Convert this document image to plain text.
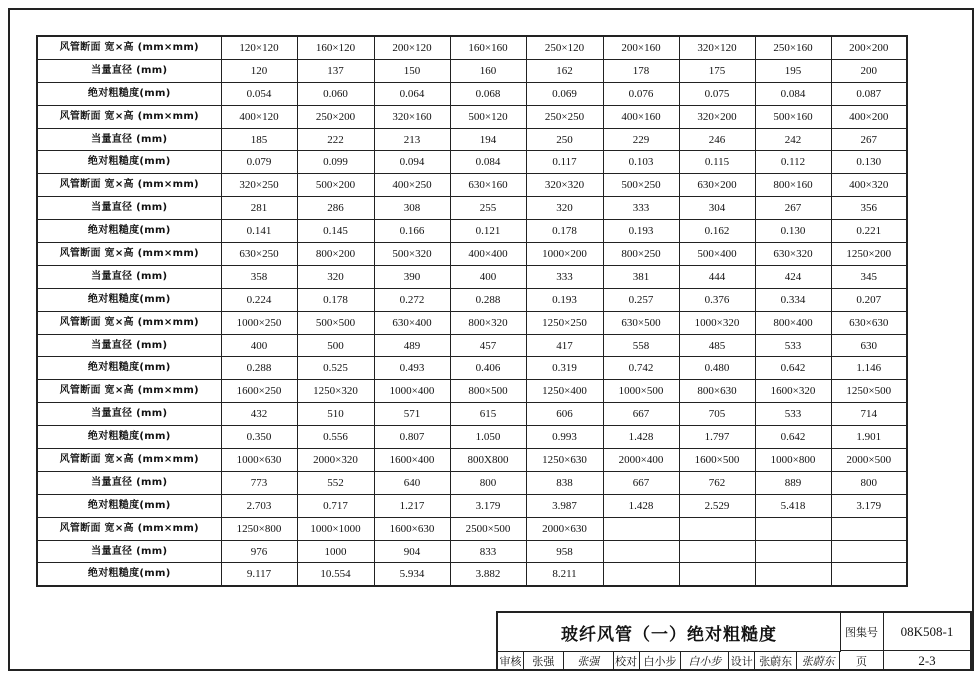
风管断面 宽×高 (mm×mm)	120×120	160×120	200×120	160×160	250×120	200×160	320×120	250×160	200×200
当量直径 (mm)	120	137	150	160	162	178	175	195	200
绝对粗糙度(mm)	0.054	0.060	0.064	0.068	0.069	0.076	0.075	0.084	0.087
风管断面 宽×高 (mm×mm)	400×120	250×200	320×160	500×120	250×250	400×160	320×200	500×160	400×200
当量直径 (mm)	185	222	213	194	250	229	246	242	267
绝对粗糙度(mm)	0.079	0.099	0.094	0.084	0.117	0.103	0.115	0.112	0.130
风管断面 宽×高 (mm×mm)	320×250	500×200	400×250	630×160	320×320	500×250	630×200	800×160	400×320
当量直径 (mm)	281	286	308	255	320	333	304	267	356
绝对粗糙度(mm)	0.141	0.145	0.166	0.121	0.178	0.193	0.162	0.130	0.221
风管断面 宽×高 (mm×mm)	630×250	800×200	500×320	400×400	1000×200	800×250	500×400	630×320	1250×200
当量直径 (mm)	358	320	390	400	333	381	444	424	345
绝对粗糙度(mm)	0.224	0.178	0.272	0.288	0.193	0.257	0.376	0.334	0.207
风管断面 宽×高 (mm×mm)	1000×250	500×500	630×400	800×320	1250×250	630×500	1000×320	800×400	630×630
当量直径 (mm)	400	500	489	457	417	558	485	533	630
绝对粗糙度(mm)	0.288	0.525	0.493	0.406	0.319	0.742	0.480	0.642	1.146
风管断面 宽×高 (mm×mm)	1600×250	1250×320	1000×400	800×500	1250×400	1000×500	800×630	1600×320	1250×500
当量直径 (mm)	432	510	571	615	606	667	705	533	714
绝对粗糙度(mm)	0.350	0.556	0.807	1.050	0.993	1.428	1.797	0.642	1.901
风管断面 宽×高 (mm×mm)	1000×630	2000×320	1600×400	800X800	1250×630	2000×400	1600×500	1000×800	2000×500
当量直径 (mm)	773	552	640	800	838	667	762	889	800
绝对粗糙度(mm)	2.703	0.717	1.217	3.179	3.987	1.428	2.529	5.418	3.179
风管断面 宽×高 (mm×mm)	1250×800	1000×1000	1600×630	2500×500	2000×630				
当量直径 (mm)	976	1000	904	833	958				
绝对粗糙度(mm)	9.117	10.554	5.934	3.882	8.211				
玻纤风管（一）绝对粗糙度	图集号	08K508-1
审核 张强	张强	校对 白小步	白小步 设计 张蔚东 张蔚东	页	2-3
